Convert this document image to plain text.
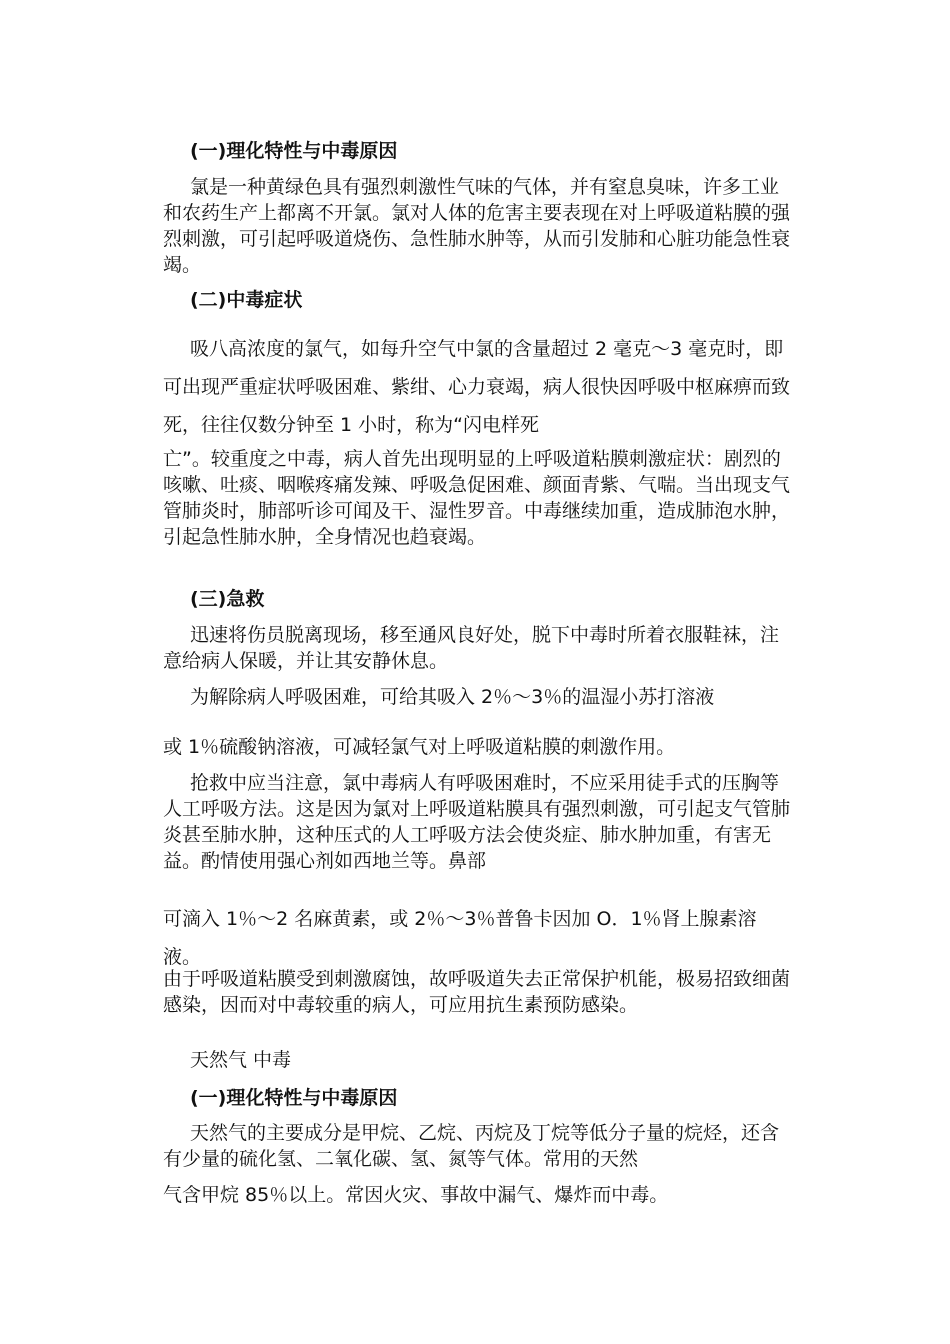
(一)理化特性与中毒原因

氯是一种黄绿色具有强烈刺激性气味的气体，并有窒息臭味，许多工业和农药生产上都离不开氯。氯对人体的危害主要表现在对上呼吸道粘膜的强烈刺激，可引起呼吸道烧伤、急性肺水肿等，从而引发肺和心脏功能急性衰竭。

(二)中毒症状

吸八高浓度的氯气，如每升空气中氯的含量超过 2 毫克～3 毫克时，即可出现严重症状呼吸困难、紫绀、心力衰竭，病人很快因呼吸中枢麻痹而致死，往往仅数分钟至 1 小时，称为“闪电样死

亡”。较重度之中毒，病人首先出现明显的上呼吸道粘膜刺激症状：剧烈的咳嗽、吐痰、咽喉疼痛发辣、呼吸急促困难、颜面青紫、气喘。当出现支气管肺炎时，肺部听诊可闻及干、湿性罗音。中毒继续加重，造成肺泡水肿，引起急性肺水肿，全身情况也趋衰竭。

(三)急救

迅速将伤员脱离现场，移至通风良好处，脱下中毒时所着衣服鞋袜，注意给病人保暖，并让其安静休息。

为解除病人呼吸困难，可给其吸入 2％～3％的温湿小苏打溶液

或 1％硫酸钠溶液，可减轻氯气对上呼吸道粘膜的刺激作用。

抢救中应当注意，氯中毒病人有呼吸困难时，不应采用徒手式的压胸等人工呼吸方法。这是因为氯对上呼吸道粘膜具有强烈刺激，可引起支气管肺炎甚至肺水肿，这种压式的人工呼吸方法会使炎症、肺水肿加重，有害无益。酌情使用强心剂如西地兰等。鼻部

可滴入 1％～2 名麻黄素，或 2％～3％普鲁卡因加 O．1％肾上腺素溶液。

由于呼吸道粘膜受到刺激腐蚀，故呼吸道失去正常保护机能，极易招致细菌感染，因而对中毒较重的病人，可应用抗生素预防感染。

天然气 中毒

(一)理化特性与中毒原因

天然气的主要成分是甲烷、乙烷、丙烷及丁烷等低分子量的烷烃，还含有少量的硫化氢、二氧化碳、氢、氮等气体。常用的天然

气含甲烷 85％以上。常因火灾、事故中漏气、爆炸而中毒。
